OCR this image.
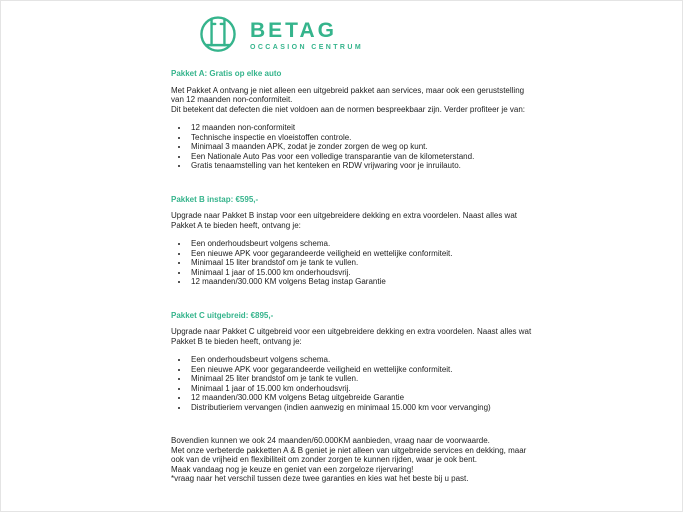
BETAG
OCCASION CENTRUM
Pakket A: Gratis op elke auto

Met Pakket A ontvang je niet alleen een uitgebreid pakket aan services, maar ook een geruststelling van 12 maanden non-conformiteit.

Dit betekent dat defecten die niet voldoen aan de normen bespreekbaar zijn. Verder profiteer je van:

• 12 maanden non-conformiteit
• Technische inspectie en vloeistoffen controle.
• Minimaal 3 maanden APK, zodat je zonder zorgen de weg op kunt.
• Een Nationale Auto Pas voor een volledige transparantie van de kilometerstand.
• Gratis tenaamstelling van het kenteken en RDW vrijwaring voor je inruilauto.
Pakket B instap: €595,-

Upgrade naar Pakket B instap voor een uitgebreidere dekking en extra voordelen. Naast alles wat Pakket A te bieden heeft, ontvang je:

• Een onderhoudsbeurt volgens schema.
• Een nieuwe APK voor gegarandeerde veiligheid en wettelijke conformiteit.
• Minimaal 15 liter brandstof om je tank te vullen.
• Minimaal 1 jaar of 15.000 km onderhoudsvrij.
• 12 maanden/30.000 KM volgens Betag instap Garantie
Pakket C uitgebreid: €895,-

Upgrade naar Pakket C uitgebreid voor een uitgebreidere dekking en extra voordelen. Naast alles wat Pakket B te bieden heeft, ontvang je:

• Een onderhoudsbeurt volgens schema.
• Een nieuwe APK voor gegarandeerde veiligheid en wettelijke conformiteit.
• Minimaal 25 liter brandstof om je tank te vullen.
• Minimaal 1 jaar of 15.000 km onderhoudsvrij.
• 12 maanden/30.000 KM volgens Betag uitgebreide Garantie
• Distributieriem vervangen (indien aanwezig en minimaal 15.000 km voor vervanging)

Bovendien kunnen we ook 24 maanden/60.000KM aanbieden, vraag naar de voorwaarde.

Met onze verbeterde pakketten A & B geniet je niet alleen van uitgebreide services en dekking, maar ook van de vrijheid en flexibiliteit om zonder zorgen te kunnen rijden, waar je ook bent.

Maak vandaag nog je keuze en geniet van een zorgeloze rijervaring!

*vraag naar het verschil tussen deze twee garanties en kies wat het beste bij u past.
